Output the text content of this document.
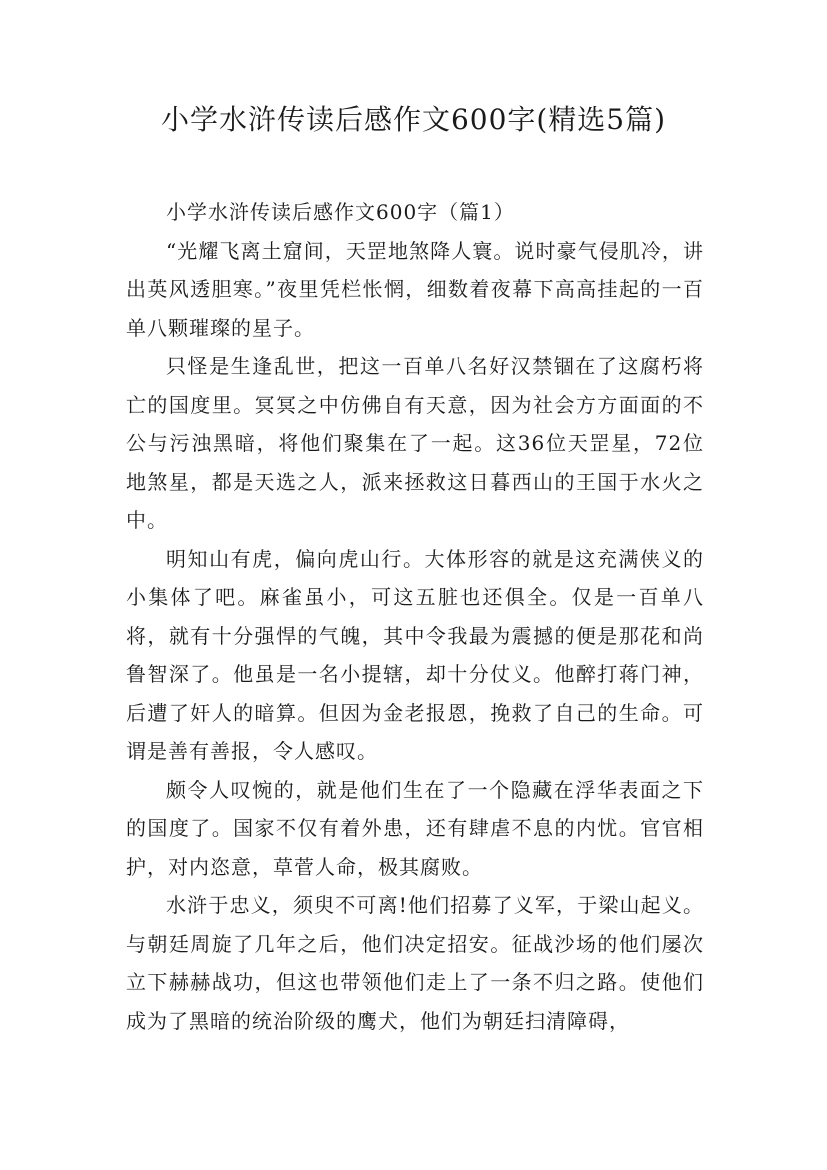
小学水浒传读后感作文600字(精选5篇)

小学水浒传读后感作文600字（篇1）

“光耀飞离土窟间，天罡地煞降人寰。说时豪气侵肌冷，讲出英风透胆寒。”夜里凭栏怅惘，细数着夜幕下高高挂起的一百单八颗璀璨的星子。

只怪是生逢乱世，把这一百单八名好汉禁锢在了这腐朽将亡的国度里。冥冥之中仿佛自有天意，因为社会方方面面的不公与污浊黑暗，将他们聚集在了一起。这36位天罡星，72位地煞星，都是天选之人，派来拯救这日暮西山的王国于水火之中。

明知山有虎，偏向虎山行。大体形容的就是这充满侠义的小集体了吧。麻雀虽小，可这五脏也还俱全。仅是一百单八将，就有十分强悍的气魄，其中令我最为震撼的便是那花和尚鲁智深了。他虽是一名小提辖，却十分仗义。他醉打蒋门神，后遭了奸人的暗算。但因为金老报恩，挽救了自己的生命。可谓是善有善报，令人感叹。

颇令人叹惋的，就是他们生在了一个隐藏在浮华表面之下的国度了。国家不仅有着外患，还有肆虐不息的内忧。官官相护，对内恣意，草菅人命，极其腐败。

水浒于忠义，须臾不可离!他们招募了义军，于梁山起义。与朝廷周旋了几年之后，他们决定招安。征战沙场的他们屡次立下赫赫战功，但这也带领他们走上了一条不归之路。使他们成为了黑暗的统治阶级的鹰犬，他们为朝廷扫清障碍，
